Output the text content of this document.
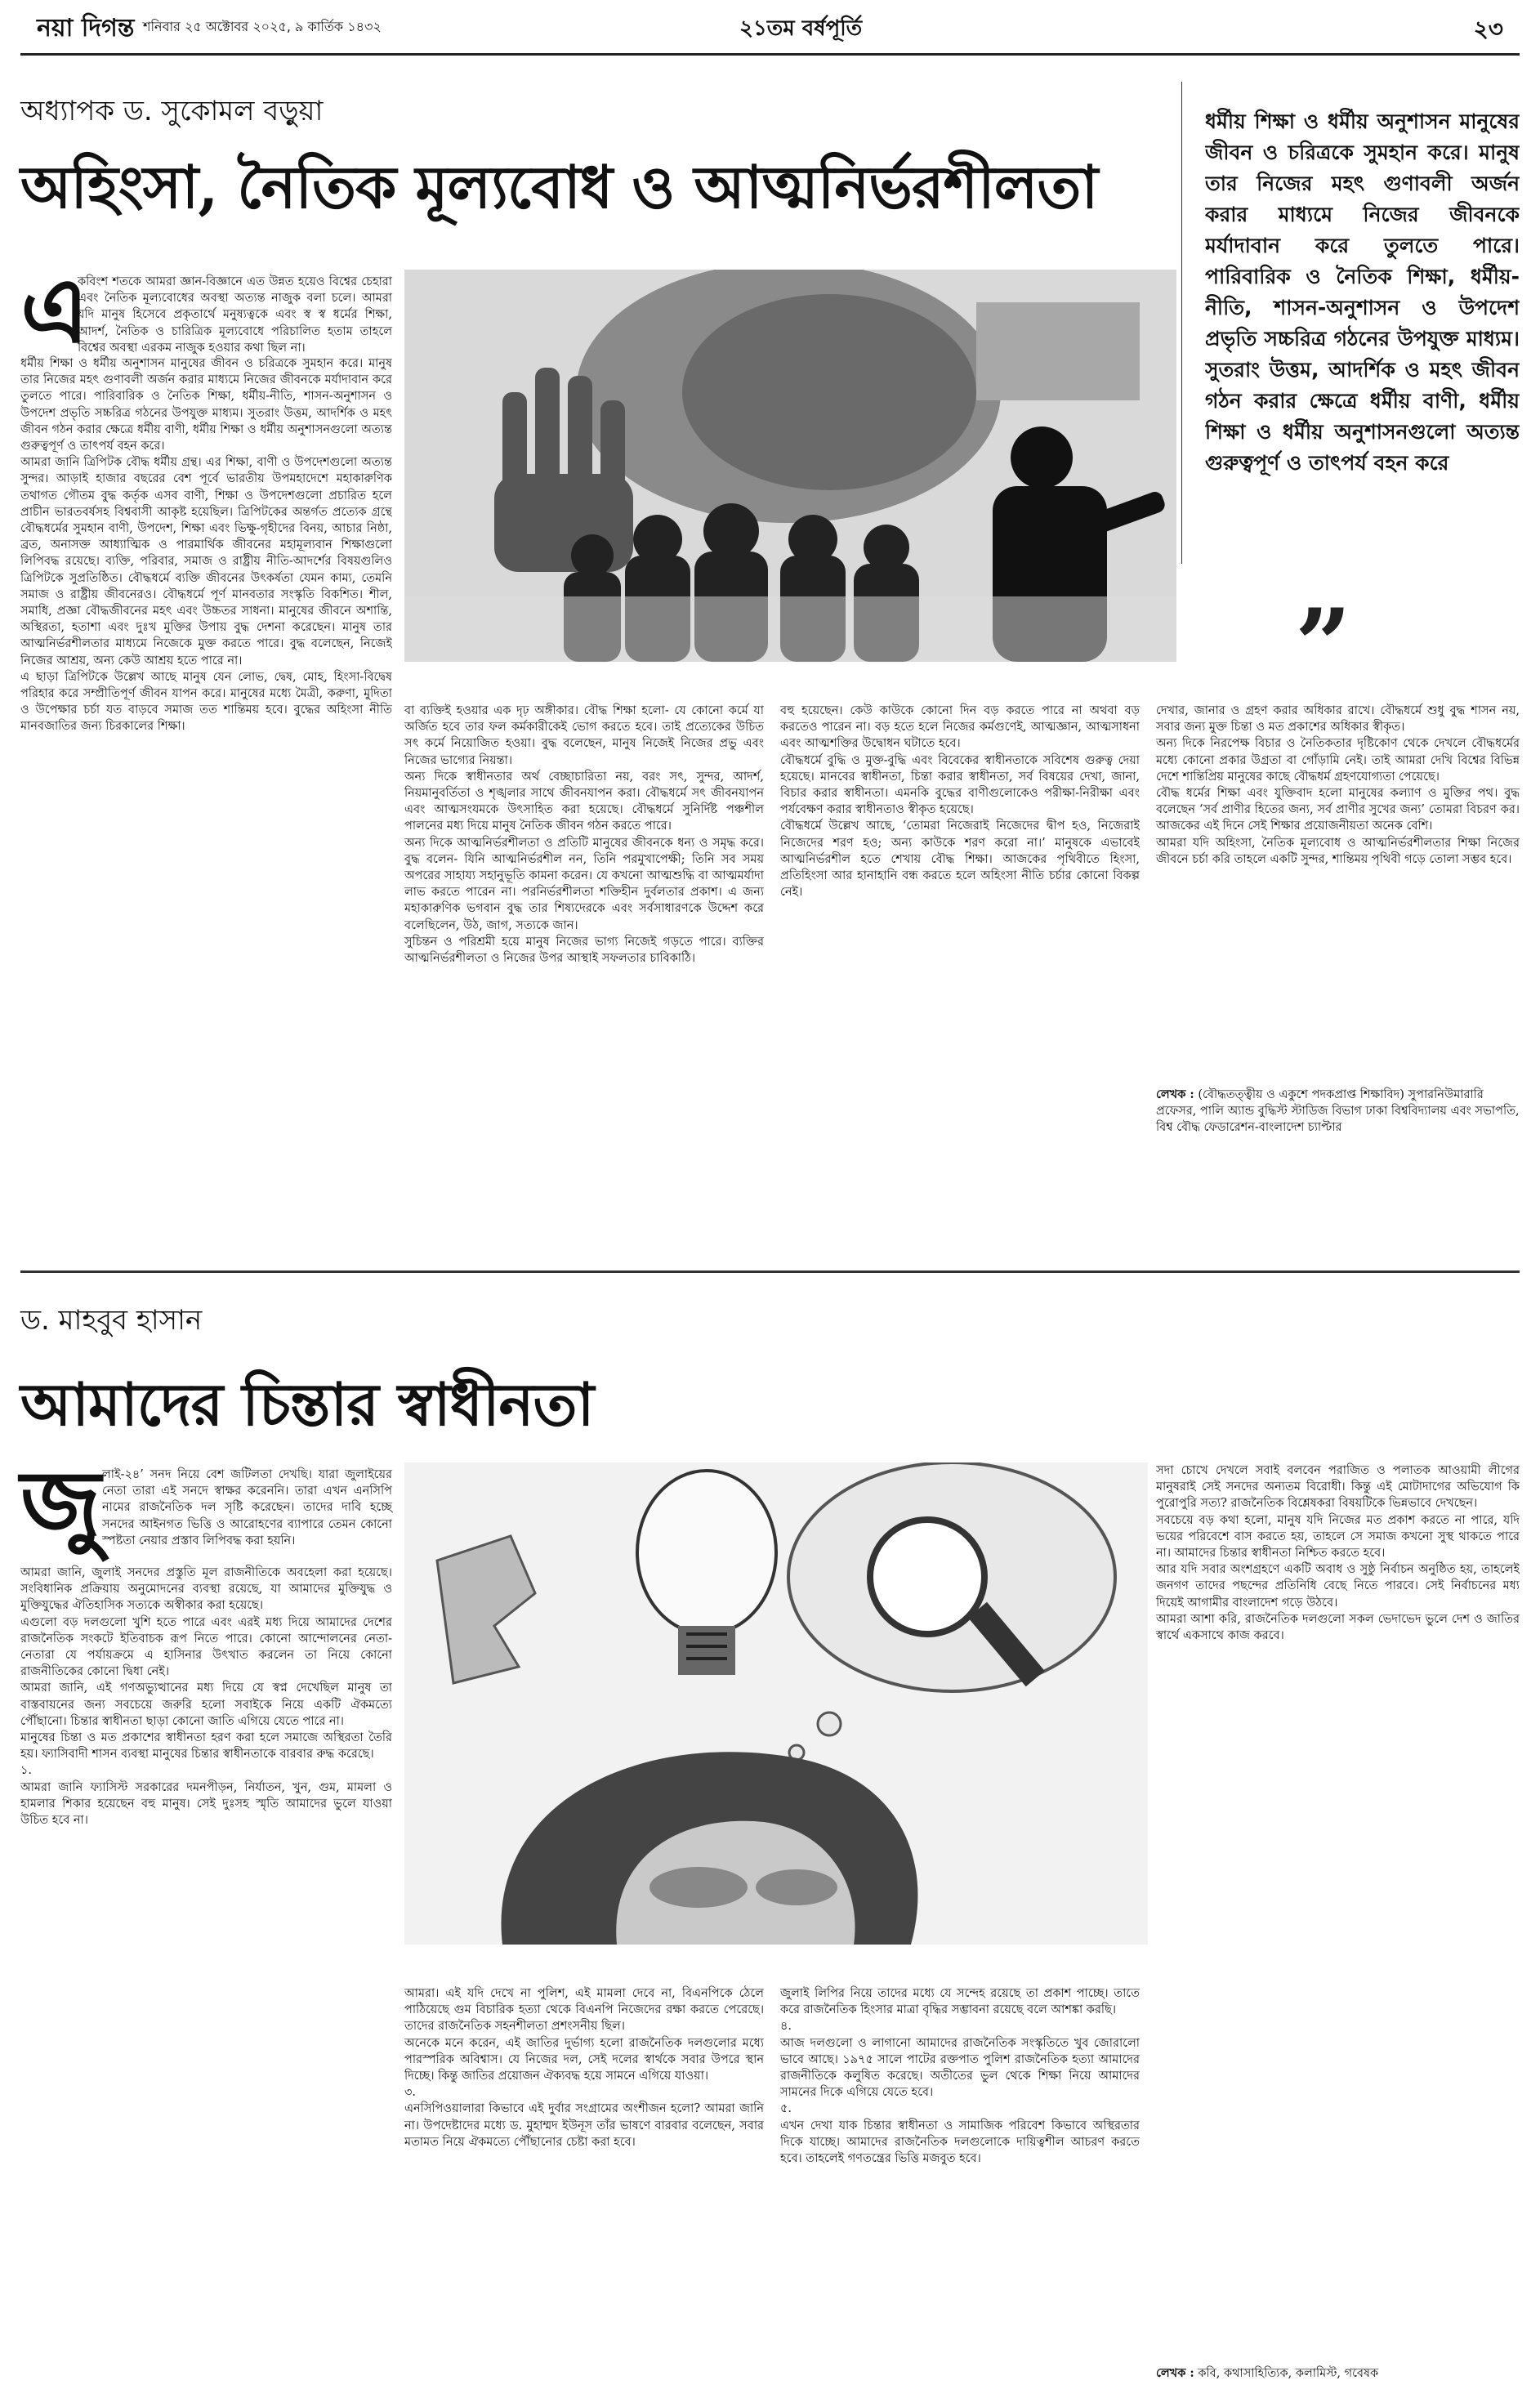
নয়া দিগন্ত শনিবার ২৫ অক্টোবর ২০২৫, ৯ কার্তিক ১৪৩২	২১তম বর্ষপূর্তি	২৩
অধ্যাপক ড. সুকোমল বড়ুয়া
অহিংসা, নৈতিক মূল্যবোধ ও আত্মনির্ভরশীলতা
এ
কবিংশ শতকে আমরা জ্ঞান-বিজ্ঞানে এত উন্নত হয়েও বিশ্বের চেহারা এবং নৈতিক মূল্যবোধের অবস্থা অত্যন্ত নাজুক বলা চলে। আমরা যদি মানুষ হিসেবে প্রকৃতার্থে মনুষ্যত্বকে এবং স্ব স্ব ধর্মের শিক্ষা, আদর্শ, নৈতিক ও চারিত্রিক মূল্যবোধে পরিচালিত হতাম তাহলে বিশ্বের অবস্থা এরকম নাজুক হওয়ার কথা ছিল না।
ধর্মীয় শিক্ষা ও ধর্মীয় অনুশাসন মানুষের জীবন ও চরিত্রকে সুমহান করে। মানুষ তার নিজের মহৎ গুণাবলী অর্জন করার মাধ্যমে নিজের জীবনকে মর্যাদাবান করে তুলতে পারে। পারিবারিক ও নৈতিক শিক্ষা, ধর্মীয়-নীতি, শাসন-অনুশাসন ও উপদেশ প্রভৃতি সচ্চরিত্র গঠনের উপযুক্ত মাধ্যম। সুতরাং উত্তম, আদর্শিক ও মহৎ জীবন গঠন করার ক্ষেত্রে ধর্মীয় বাণী, ধর্মীয় শিক্ষা ও ধর্মীয় অনুশাসনগুলো অত্যন্ত গুরুত্বপূর্ণ ও তাৎপর্য বহন করে।
আমরা জানি ত্রিপিটক বৌদ্ধ ধর্মীয় গ্রন্থ। এর শিক্ষা, বাণী ও উপদেশগুলো অত্যন্ত সুন্দর। আড়াই হাজার বছরের বেশ পূর্বে ভারতীয় উপমহাদেশে মহাকারুণিক তথাগত গৌতম বুদ্ধ কর্তৃক এসব বাণী, শিক্ষা ও উপদেশগুলো প্রচারিত হলে প্রাচীন ভারতবর্ষসহ বিশ্ববাসী আকৃষ্ট হয়েছিল। ত্রিপিটকের অন্তর্গত প্রত্যেক গ্রন্থে বৌদ্ধধর্মের সুমহান বাণী, উপদেশ, শিক্ষা এবং ভিক্ষু-গৃহীদের বিনয়, আচার নিষ্ঠা, ব্রত, অনাসক্ত আধ্যাত্মিক ও পারমার্থিক জীবনের মহামূল্যবান শিক্ষাগুলো লিপিবদ্ধ রয়েছে। ব্যক্তি, পরিবার, সমাজ ও রাষ্ট্রীয় নীতি-আদর্শের বিষয়গুলিও ত্রিপিটকে সুপ্রতিষ্ঠিত। বৌদ্ধধর্মে ব্যক্তি জীবনের উৎকর্ষতা যেমন কাম্য, তেমনি সমাজ ও রাষ্ট্রীয় জীবনেরও। বৌদ্ধধর্মে পূর্ণ মানবতার সংস্কৃতি বিকশিত। শীল, সমাধি, প্রজ্ঞা বৌদ্ধজীবনের মহৎ এবং উচ্চতর সাধনা। মানুষের জীবনে অশান্তি, অস্থিরতা, হতাশা এবং দুঃখ মুক্তির উপায় বুদ্ধ দেশনা করেছেন। মানুষ তার আত্মনির্ভরশীলতার মাধ্যমে নিজেকে মুক্ত করতে পারে। বুদ্ধ বলেছেন, নিজেই নিজের আশ্রয়, অন্য কেউ আশ্রয় হতে পারে না।
এ ছাড়া ত্রিপিটকে উল্লেখ আছে মানুষ যেন লোভ, দ্বেষ, মোহ, হিংসা-বিদ্বেষ পরিহার করে সম্প্রীতিপূর্ণ জীবন যাপন করে। মানুষের মধ্যে মৈত্রী, করুণা, মুদিতা ও উপেক্ষার চর্চা যত বাড়বে সমাজ তত শান্তিময় হবে। বুদ্ধের অহিংসা নীতি মানবজাতির জন্য চিরকালের শিক্ষা।
বা ব্যক্তিই হওয়ার এক দৃঢ় অঙ্গীকার। বৌদ্ধ শিক্ষা হলো- যে কোনো কর্মে যা অর্জিত হবে তার ফল কর্মকারীকেই ভোগ করতে হবে। তাই প্রত্যেকের উচিত সৎ কর্মে নিয়োজিত হওয়া। বুদ্ধ বলেছেন, মানুষ নিজেই নিজের প্রভু এবং নিজের ভাগ্যের নিয়ন্তা।
অন্য দিকে স্বাধীনতার অর্থ বেচ্ছাচারিতা নয়, বরং সৎ, সুন্দর, আদর্শ, নিয়মানুবর্তিতা ও শৃঙ্খলার সাথে জীবনযাপন করা। বৌদ্ধধর্মে সৎ জীবনযাপন এবং আত্মসংযমকে উৎসাহিত করা হয়েছে। বৌদ্ধধর্মে সুনির্দিষ্ট পঞ্চশীল পালনের মধ্য দিয়ে মানুষ নৈতিক জীবন গঠন করতে পারে।
অন্য দিকে আত্মনির্ভরশীলতা ও প্রতিটি মানুষের জীবনকে ধন্য ও সমৃদ্ধ করে। বুদ্ধ বলেন- যিনি আত্মনির্ভরশীল নন, তিনি পরমুখাপেক্ষী; তিনি সব সময় অপরের সাহায্য সহানুভূতি কামনা করেন। যে কখনো আত্মশুদ্ধি বা আত্মমর্যাদা লাভ করতে পারেন না। পরনির্ভরশীলতা শক্তিহীন দুর্বলতার প্রকাশ। এ জন্য মহাকারুণিক ভগবান বুদ্ধ তার শিষ্যদেরকে এবং সর্বসাধারণকে উদ্দেশ করে বলেছিলেন, উঠ, জাগ, সত্যকে জান।
সুচিন্তন ও পরিশ্রমী হয়ে মানুষ নিজের ভাগ্য নিজেই গড়তে পারে। ব্যক্তির আত্মনির্ভরশীলতা ও নিজের উপর আস্থাই সফলতার চাবিকাঠি।
বহু হয়েছেন। কেউ কাউকে কোনো দিন বড় করতে পারে না অথবা বড় করতেও পারেন না। বড় হতে হলে নিজের কর্মগুণেই, আত্মজ্ঞান, আত্মসাধনা এবং আত্মশক্তির উদ্বোধন ঘটাতে হবে।
বৌদ্ধধর্মে বুদ্ধি ও মুক্ত-বুদ্ধি এবং বিবেকের স্বাধীনতাকে সবিশেষ গুরুত্ব দেয়া হয়েছে। মানবের স্বাধীনতা, চিন্তা করার স্বাধীনতা, সর্ব বিষয়ের দেখা, জানা, বিচার করার স্বাধীনতা। এমনকি বুদ্ধের বাণীগুলোকেও পরীক্ষা-নিরীক্ষা এবং পর্যবেক্ষণ করার স্বাধীনতাও স্বীকৃত হয়েছে।
বৌদ্ধধর্মে উল্লেখ আছে, ‘তোমরা নিজেরাই নিজেদের দ্বীপ হও, নিজেরাই নিজেদের শরণ হও; অন্য কাউকে শরণ করো না।’ মানুষকে এভাবেই আত্মনির্ভরশীল হতে শেখায় বৌদ্ধ শিক্ষা। আজকের পৃথিবীতে হিংসা, প্রতিহিংসা আর হানাহানি বন্ধ করতে হলে অহিংসা নীতি চর্চার কোনো বিকল্প নেই।
দেখার, জানার ও গ্রহণ করার অধিকার রাখে। বৌদ্ধধর্মে শুধু বুদ্ধ শাসন নয়, সবার জন্য মুক্ত চিন্তা ও মত প্রকাশের অধিকার স্বীকৃত।
অন্য দিকে নিরপেক্ষ বিচার ও নৈতিকতার দৃষ্টিকোণ থেকে দেখলে বৌদ্ধধর্মের মধ্যে কোনো প্রকার উগ্রতা বা গোঁড়ামি নেই। তাই আমরা দেখি বিশ্বের বিভিন্ন দেশে শান্তিপ্রিয় মানুষের কাছে বৌদ্ধধর্ম গ্রহণযোগ্যতা পেয়েছে।
বৌদ্ধ ধর্মের শিক্ষা এবং যুক্তিবাদ হলো মানুষের কল্যাণ ও মুক্তির পথ। বুদ্ধ বলেছেন ‘সর্ব প্রাণীর হিতের জন্য, সর্ব প্রাণীর সুখের জন্য’ তোমরা বিচরণ কর। আজকের এই দিনে সেই শিক্ষার প্রয়োজনীয়তা অনেক বেশি।
আমরা যদি অহিংসা, নৈতিক মূল্যবোধ ও আত্মনির্ভরশীলতার শিক্ষা নিজের জীবনে চর্চা করি তাহলে একটি সুন্দর, শান্তিময় পৃথিবী গড়ে তোলা সম্ভব হবে।
ধর্মীয় শিক্ষা ও ধর্মীয় অনুশাসন মানুষের জীবন ও চরিত্রকে সুমহান করে। মানুষ তার নিজের মহৎ গুণাবলী অর্জন করার মাধ্যমে নিজের জীবনকে মর্যাদাবান করে তুলতে পারে। পারিবারিক ও নৈতিক শিক্ষা, ধর্মীয়-নীতি, শাসন-অনুশাসন ও উপদেশ প্রভৃতি সচ্চরিত্র গঠনের উপযুক্ত মাধ্যম। সুতরাং উত্তম, আদর্শিক ও মহৎ জীবন গঠন করার ক্ষেত্রে ধর্মীয় বাণী, ধর্মীয় শিক্ষা ও ধর্মীয় অনুশাসনগুলো অত্যন্ত গুরুত্বপূর্ণ ও তাৎপর্য বহন করে
”
লেখক : (বৌদ্ধতত্ত্বীয় ও একুশে পদকপ্রাপ্ত শিক্ষাবিদ) সুপারনিউমারারি প্রফেসর, পালি অ্যান্ড বুদ্ধিস্ট স্টাডিজ বিভাগ ঢাকা বিশ্ববিদ্যালয় এবং সভাপতি, বিশ্ব বৌদ্ধ ফেডারেশন-বাংলাদেশ চ্যাপ্টার
ড. মাহবুব হাসান
আমাদের চিন্তার স্বাধীনতা
জু লাই-২৪’ সনদ নিয়ে বেশ জটিলতা দেখছি। যারা জুলাইয়ের নেতা তারা এই সনদে স্বাক্ষর করেননি। তারা এখন এনসিপি নামের রাজনৈতিক দল সৃষ্টি করেছেন। তাদের দাবি হচ্ছে সনদের আইনগত ভিত্তি ও আরোহণের ব্যাপারে তেমন কোনো স্পষ্টতা নেয়ার প্রস্তাব লিপিবদ্ধ করা হয়নি।
আমরা জানি, জুলাই সনদের প্রস্তুতি মূল রাজনীতিকে অবহেলা করা হয়েছে। সংবিধানিক প্রক্রিয়ায় অনুমোদনের ব্যবস্থা রয়েছে, যা আমাদের মুক্তিযুদ্ধ ও মুক্তিযুদ্ধের ঐতিহাসিক সত্যকে অস্বীকার করা হয়েছে।
এগুলো বড় দলগুলো খুশি হতে পারে এবং এরই মধ্য দিয়ে আমাদের দেশের রাজনৈতিক সংকটে ইতিবাচক রূপ নিতে পারে। কোনো আন্দোলনের নেতা-নেতারা যে পর্যায়ক্রমে এ হাসিনার উৎখাত করলেন তা নিয়ে কোনো রাজনীতিকের কোনো দ্বিধা নেই।
আমরা জানি, এই গণঅভ্যুত্থানের মধ্য দিয়ে যে স্বপ্ন দেখেছিল মানুষ তা বাস্তবায়নের জন্য সবচেয়ে জরুরি হলো সবাইকে নিয়ে একটি ঐকমত্যে পৌঁছানো। চিন্তার স্বাধীনতা ছাড়া কোনো জাতি এগিয়ে যেতে পারে না।
মানুষের চিন্তা ও মত প্রকাশের স্বাধীনতা হরণ করা হলে সমাজে অস্থিরতা তৈরি হয়। ফ্যাসিবাদী শাসন ব্যবস্থা মানুষের চিন্তার স্বাধীনতাকে বারবার রুদ্ধ করেছে।
১.
আমরা জানি ফ্যাসিস্ট সরকারের দমনপীড়ন, নির্যাতন, খুন, গুম, মামলা ও হামলার শিকার হয়েছেন বহু মানুষ। সেই দুঃসহ স্মৃতি আমাদের ভুলে যাওয়া উচিত হবে না।
আমরা। এই যদি দেখে না পুলিশ, এই মামলা দেবে না, বিএনপিকে ঠেলে পাঠিয়েছে গুম বিচারিক হত্যা থেকে বিএনপি নিজেদের রক্ষা করতে পেরেছে। তাদের রাজনৈতিক সহনশীলতা প্রশংসনীয় ছিল।
অনেকে মনে করেন, এই জাতির দুর্ভাগ্য হলো রাজনৈতিক দলগুলোর মধ্যে পারস্পরিক অবিশ্বাস। যে নিজের দল, সেই দলের স্বার্থকে সবার উপরে স্থান দিচ্ছে। কিন্তু জাতির প্রয়োজন ঐক্যবদ্ধ হয়ে সামনে এগিয়ে যাওয়া।
৩.
এনসিপিওয়ালারা কিভাবে এই দুর্বার সংগ্রামের অংশীজন হলো? আমরা জানি না। উপদেষ্টাদের মধ্যে ড. মুহাম্মদ ইউনূস তাঁর ভাষণে বারবার বলেছেন, সবার মতামত নিয়ে ঐকমত্যে পৌঁছানোর চেষ্টা করা হবে।
জুলাই লিপির নিয়ে তাদের মধ্যে যে সন্দেহ রয়েছে তা প্রকাশ পাচ্ছে। তাতে করে রাজনৈতিক হিংসার মাত্রা বৃদ্ধির সম্ভাবনা রয়েছে বলে আশঙ্কা করছি।
৪.
আজ দলগুলো ও লাগানো আমাদের রাজনৈতিক সংস্কৃতিতে খুব জোরালো ভাবে আছে। ১৯৭৫ সালে পাটের রক্তপাত পুলিশ রাজনৈতিক হত্যা আমাদের রাজনীতিকে কলুষিত করেছে। অতীতের ভুল থেকে শিক্ষা নিয়ে আমাদের সামনের দিকে এগিয়ে যেতে হবে।
৫.
এখন দেখা যাক চিন্তার স্বাধীনতা ও সামাজিক পরিবেশ কিভাবে অস্থিরতার দিকে যাচ্ছে। আমাদের রাজনৈতিক দলগুলোকে দায়িত্বশীল আচরণ করতে হবে। তাহলেই গণতন্ত্রের ভিত্তি মজবুত হবে।
সদা চোখে দেখলে সবাই বলবেন পরাজিত ও পলাতক আওয়ামী লীগের মানুষরাই সেই সনদের অন্যতম বিরোধী। কিন্তু এই মোটাদাগের অভিযোগ কি পুরোপুরি সত্য? রাজনৈতিক বিশ্লেষকরা বিষয়টিকে ভিন্নভাবে দেখছেন।
সবচেয়ে বড় কথা হলো, মানুষ যদি নিজের মত প্রকাশ করতে না পারে, যদি ভয়ের পরিবেশে বাস করতে হয়, তাহলে সে সমাজ কখনো সুস্থ থাকতে পারে না। আমাদের চিন্তার স্বাধীনতা নিশ্চিত করতে হবে।
আর যদি সবার অংশগ্রহণে একটি অবাধ ও সুষ্ঠু নির্বাচন অনুষ্ঠিত হয়, তাহলেই জনগণ তাদের পছন্দের প্রতিনিধি বেছে নিতে পারবে। সেই নির্বাচনের মধ্য দিয়েই আগামীর বাংলাদেশ গড়ে উঠবে।
আমরা আশা করি, রাজনৈতিক দলগুলো সকল ভেদাভেদ ভুলে দেশ ও জাতির স্বার্থে একসাথে কাজ করবে।
লেখক : কবি, কথাসাহিত্যিক, কলামিস্ট, গবেষক
